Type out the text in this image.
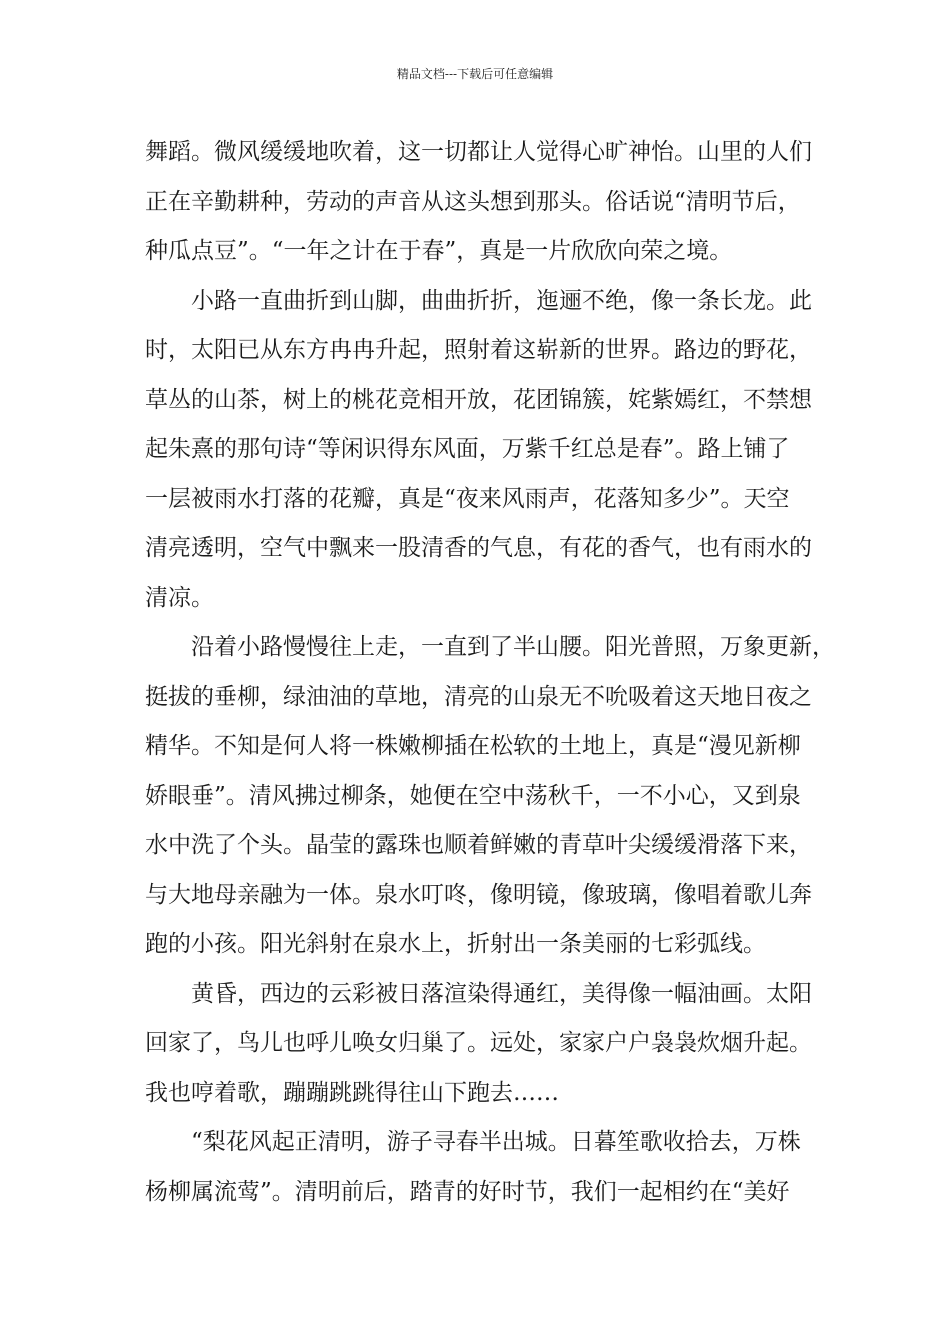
精品文档---下载后可任意编辑
舞蹈。微风缓缓地吹着，这一切都让人觉得心旷神怡。山里的人们
正在辛勤耕种，劳动的声音从这头想到那头。俗话说“清明节后，
种瓜点豆”。“一年之计在于春”，真是一片欣欣向荣之境。
　　小路一直曲折到山脚，曲曲折折，迤逦不绝，像一条长龙。此
时，太阳已从东方冉冉升起，照射着这崭新的世界。路边的野花，
草丛的山茶，树上的桃花竞相开放，花团锦簇，姹紫嫣红，不禁想
起朱熹的那句诗“等闲识得东风面，万紫千红总是春”。路上铺了
一层被雨水打落的花瓣，真是“夜来风雨声，花落知多少”。天空
清亮透明，空气中飘来一股清香的气息，有花的香气，也有雨水的
清凉。
　　沿着小路慢慢往上走，一直到了半山腰。阳光普照，万象更新，
挺拔的垂柳，绿油油的草地，清亮的山泉无不吮吸着这天地日夜之
精华。不知是何人将一株嫩柳插在松软的土地上，真是“漫见新柳
娇眼垂”。清风拂过柳条，她便在空中荡秋千，一不小心，又到泉
水中洗了个头。晶莹的露珠也顺着鲜嫩的青草叶尖缓缓滑落下来，
与大地母亲融为一体。泉水叮咚，像明镜，像玻璃，像唱着歌儿奔
跑的小孩。阳光斜射在泉水上，折射出一条美丽的七彩弧线。
　　黄昏，西边的云彩被日落渲染得通红，美得像一幅油画。太阳
回家了，鸟儿也呼儿唤女归巢了。远处，家家户户袅袅炊烟升起。
我也哼着歌，蹦蹦跳跳得往山下跑去……
　　“梨花风起正清明，游子寻春半出城。日暮笙歌收拾去，万株
杨柳属流莺”。清明前后，踏青的好时节，我们一起相约在“美好
